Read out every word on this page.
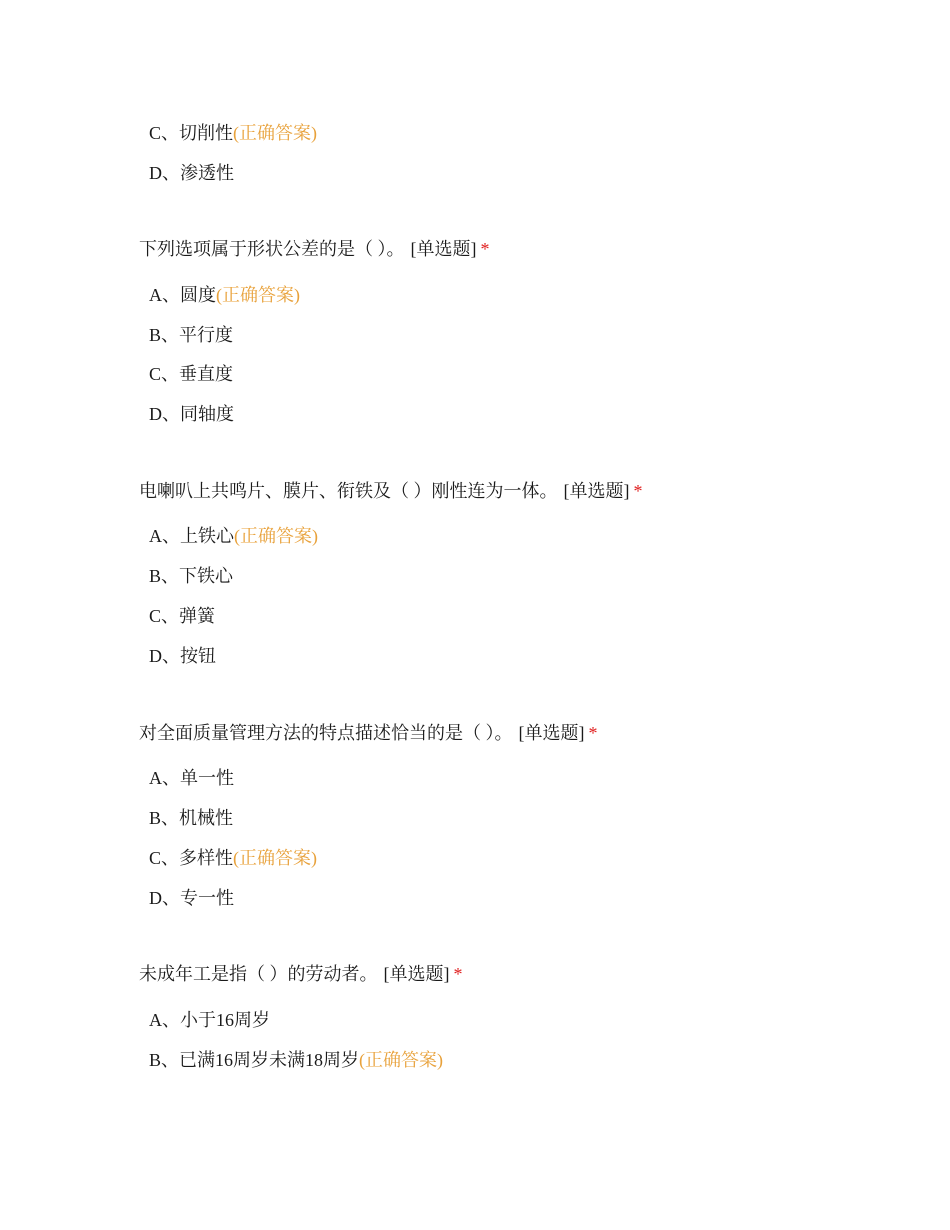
C、切削性(正确答案)
D、渗透性
下列选项属于形状公差的是（ ）。 [单选题] *
A、圆度(正确答案)
B、平行度
C、垂直度
D、同轴度
电喇叭上共鸣片、膜片、衔铁及（ ）刚性连为一体。 [单选题] *
A、上铁心(正确答案)
B、下铁心
C、弹簧
D、按钮
对全面质量管理方法的特点描述恰当的是（ ）。 [单选题] *
A、单一性
B、机械性
C、多样性(正确答案)
D、专一性
未成年工是指（ ）的劳动者。 [单选题] *
A、小于16周岁
B、已满16周岁未满18周岁(正确答案)
